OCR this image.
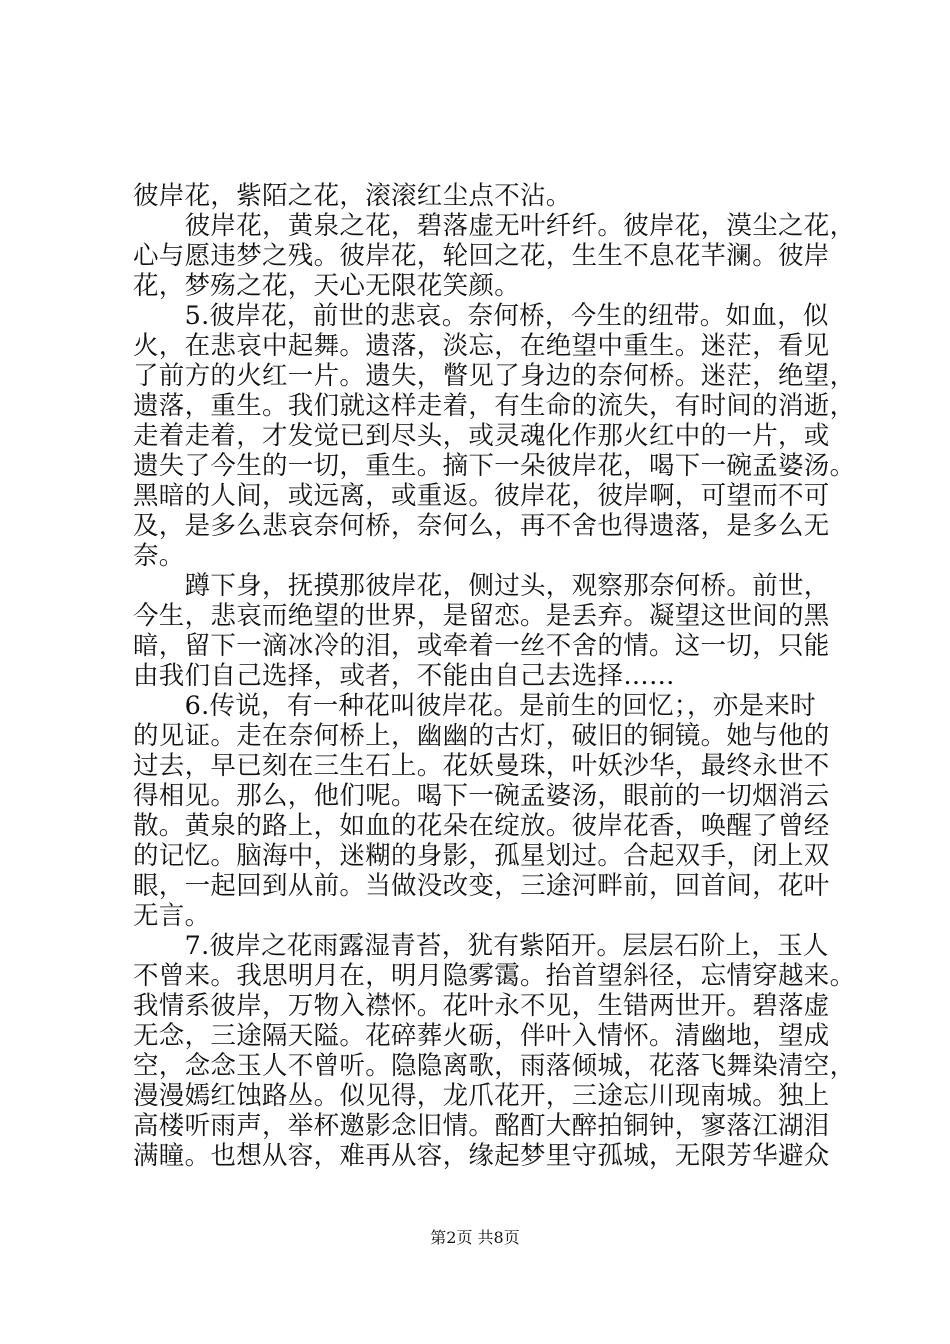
彼岸花，紫陌之花，滚滚红尘点不沾。
　　彼岸花，黄泉之花，碧落虚无叶纤纤。彼岸花，漠尘之花，
心与愿违梦之残。彼岸花，轮回之花，生生不息花芊澜。彼岸
花，梦殇之花，天心无限花笑颜。
　　5.彼岸花，前世的悲哀。奈何桥，今生的纽带。如血，似
火，在悲哀中起舞。遗落，淡忘，在绝望中重生。迷茫，看见
了前方的火红一片。遗失，瞥见了身边的奈何桥。迷茫，绝望，
遗落，重生。我们就这样走着，有生命的流失，有时间的消逝，
走着走着，才发觉已到尽头，或灵魂化作那火红中的一片，或
遗失了今生的一切，重生。摘下一朵彼岸花，喝下一碗孟婆汤。
黑暗的人间，或远离，或重返。彼岸花，彼岸啊，可望而不可
及，是多么悲哀奈何桥，奈何么，再不舍也得遗落，是多么无
奈。
　　蹲下身，抚摸那彼岸花，侧过头，观察那奈何桥。前世，
今生，悲哀而绝望的世界，是留恋。是丢弃。凝望这世间的黑
暗，留下一滴冰冷的泪，或牵着一丝不舍的情。这一切，只能
由我们自己选择，或者，不能由自己去选择……
　　6.传说，有一种花叫彼岸花。是前生的回忆；，亦是来时
的见证。走在奈何桥上，幽幽的古灯，破旧的铜镜。她与他的
过去，早已刻在三生石上。花妖曼珠，叶妖沙华，最终永世不
得相见。那么，他们呢。喝下一碗孟婆汤，眼前的一切烟消云
散。黄泉的路上，如血的花朵在绽放。彼岸花香，唤醒了曾经
的记忆。脑海中，迷糊的身影，孤星划过。合起双手，闭上双
眼，一起回到从前。当做没改变，三途河畔前，回首间，花叶
无言。
　　7.彼岸之花雨露湿青苔，犹有紫陌开。层层石阶上，玉人
不曾来。我思明月在，明月隐雾霭。抬首望斜径，忘情穿越来。
我情系彼岸，万物入襟怀。花叶永不见，生错两世开。碧落虚
无念，三途隔天隘。花碎葬火砺，伴叶入情怀。清幽地，望成
空，念念玉人不曾听。隐隐离歌，雨落倾城，花落飞舞染清空，
漫漫嫣红蚀路丛。似见得，龙爪花开，三途忘川现南城。独上
高楼听雨声，举杯邀影念旧情。酩酊大醉拍铜钟，寥落江湖泪
满瞳。也想从容，难再从容，缘起梦里守孤城，无限芳华避众
第2页 共8页
